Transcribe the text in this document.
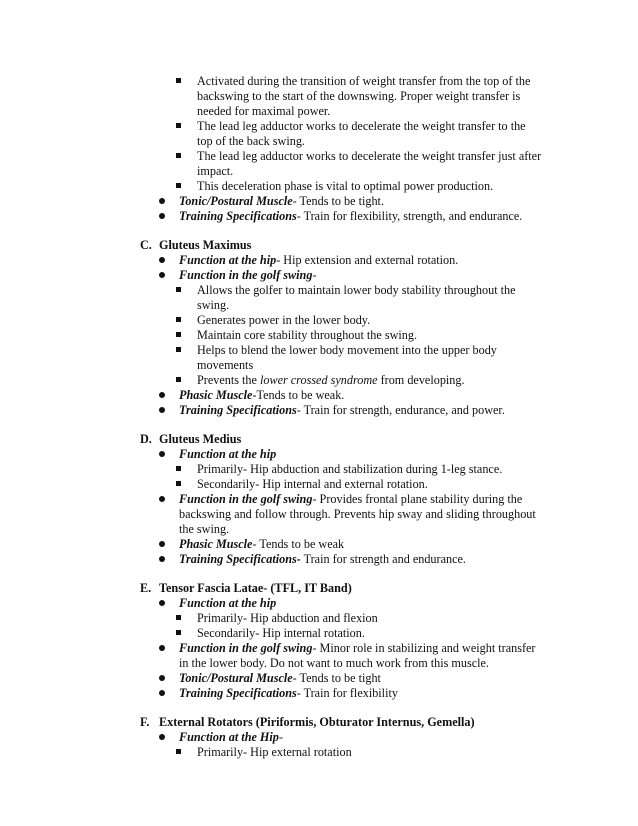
Activated during the transition of weight transfer from the top of the backswing to the start of the downswing. Proper weight transfer is needed for maximal power.
The lead leg adductor works to decelerate the weight transfer to the top of the back swing.
The lead leg adductor works to decelerate the weight transfer just after impact.
This deceleration phase is vital to optimal power production.
Tonic/Postural Muscle- Tends to be tight.
Training Specifications- Train for flexibility, strength, and endurance.
C. Gluteus Maximus
Function at the hip- Hip extension and external rotation.
Function in the golf swing-
Allows the golfer to maintain lower body stability throughout the swing.
Generates power in the lower body.
Maintain core stability throughout the swing.
Helps to blend the lower body movement into the upper body movements
Prevents the lower crossed syndrome from developing.
Phasic Muscle-Tends to be weak.
Training Specifications- Train for strength, endurance, and power.
D. Gluteus Medius
Function at the hip
Primarily- Hip abduction and stabilization during 1-leg stance.
Secondarily- Hip internal and external rotation.
Function in the golf swing- Provides frontal plane stability during the backswing and follow through. Prevents hip sway and sliding throughout the swing.
Phasic Muscle- Tends to be weak
Training Specifications- Train for strength and endurance.
E. Tensor Fascia Latae- (TFL, IT Band)
Function at the hip
Primarily- Hip abduction and flexion
Secondarily- Hip internal rotation.
Function in the golf swing- Minor role in stabilizing and weight transfer in the lower body. Do not want to much work from this muscle.
Tonic/Postural Muscle- Tends to be tight
Training Specifications- Train for flexibility
F. External Rotators (Piriformis, Obturator Internus, Gemella)
Function at the Hip-
Primarily- Hip external rotation
